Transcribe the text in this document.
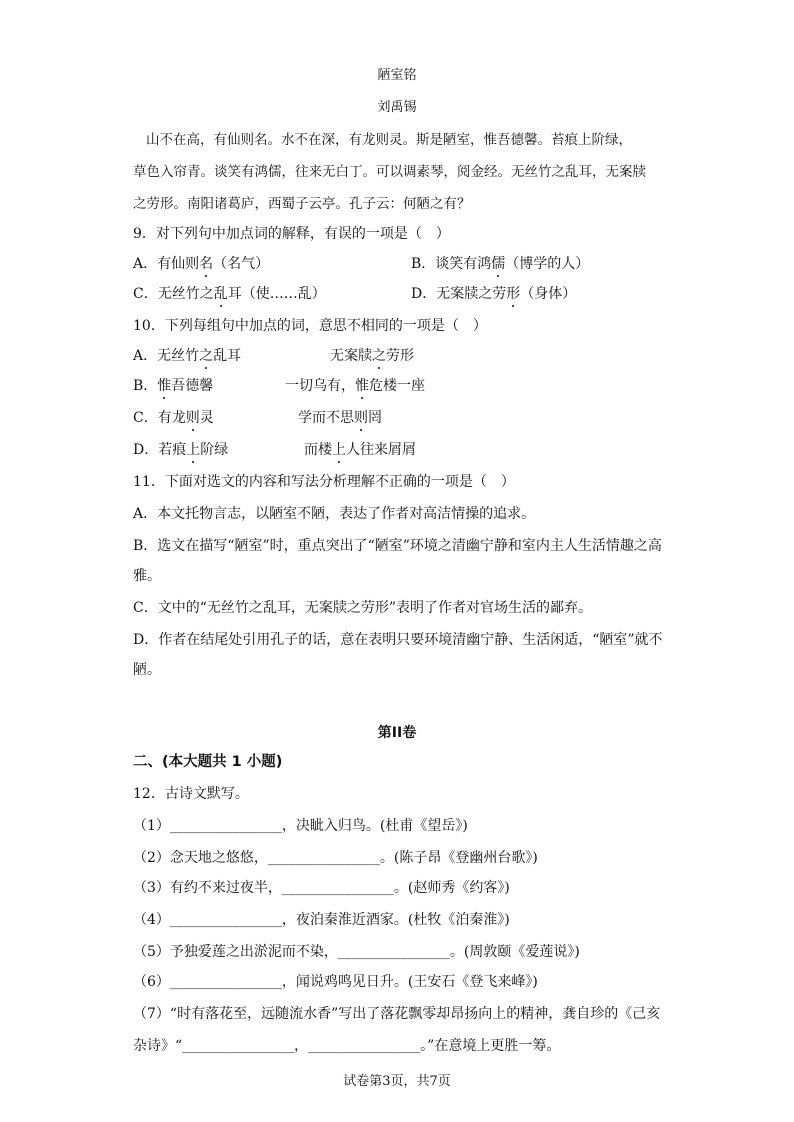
陋室铭
刘禹锡
山不在高，有仙则名。水不在深，有龙则灵。斯是陋室，惟吾德馨。苔痕上阶绿，
草色入帘青。谈笑有鸿儒，往来无白丁。可以调素琴，阅金经。无丝竹之乱耳，无案牍
之劳形。南阳诸葛庐，西蜀子云亭。孔子云：何陋之有？
9．对下列句中加点词的解释，有误的一项是（　）
A．有仙则名（名气）	B．谈笑有鸿儒（博学的人）
C．无丝竹之乱耳（使……乱）	D．无案牍之劳形（身体）
10．下列每组句中加点的词，意思不相同的一项是（　）
A．无丝竹之乱耳	无案牍之劳形
B．惟吾德馨	一切乌有，惟危楼一座
C．有龙则灵	学而不思则罔
D．若痕上阶绿	而楼上人往来屑屑
11．下面对选文的内容和写法分析理解不正确的一项是（　）
A．本文托物言志，以陋室不陋，表达了作者对高洁情操的追求。
B．选文在描写“陋室”时，重点突出了“陋室”环境之清幽宁静和室内主人生活情趣之高
雅。
C．文中的“无丝竹之乱耳，无案牍之劳形”表明了作者对官场生活的鄙弃。
D．作者在结尾处引用孔子的话，意在表明只要环境清幽宁静、生活闲适，“陋室”就不
陋。
第II卷
二、(本大题共 1 小题)
12．古诗文默写。
（1）________________，决眦入归鸟。(杜甫《望岳》)
（2）念天地之悠悠，________________。(陈子昂《登幽州台歌》)
（3）有约不来过夜半，________________。(赵师秀《约客》)
（4）________________，夜泊秦淮近酒家。(杜牧《泊秦淮》)
（5）予独爱莲之出淤泥而不染，________________。(周敦颐《爱莲说》)
（6）________________，闻说鸡鸣见日升。(王安石《登飞来峰》)
（7）“时有落花至，远随流水香”写出了落花飘零却昂扬向上的精神，龚自珍的《己亥
杂诗》“________________，________________。”在意境上更胜一筹。
试卷第3页，共7页
